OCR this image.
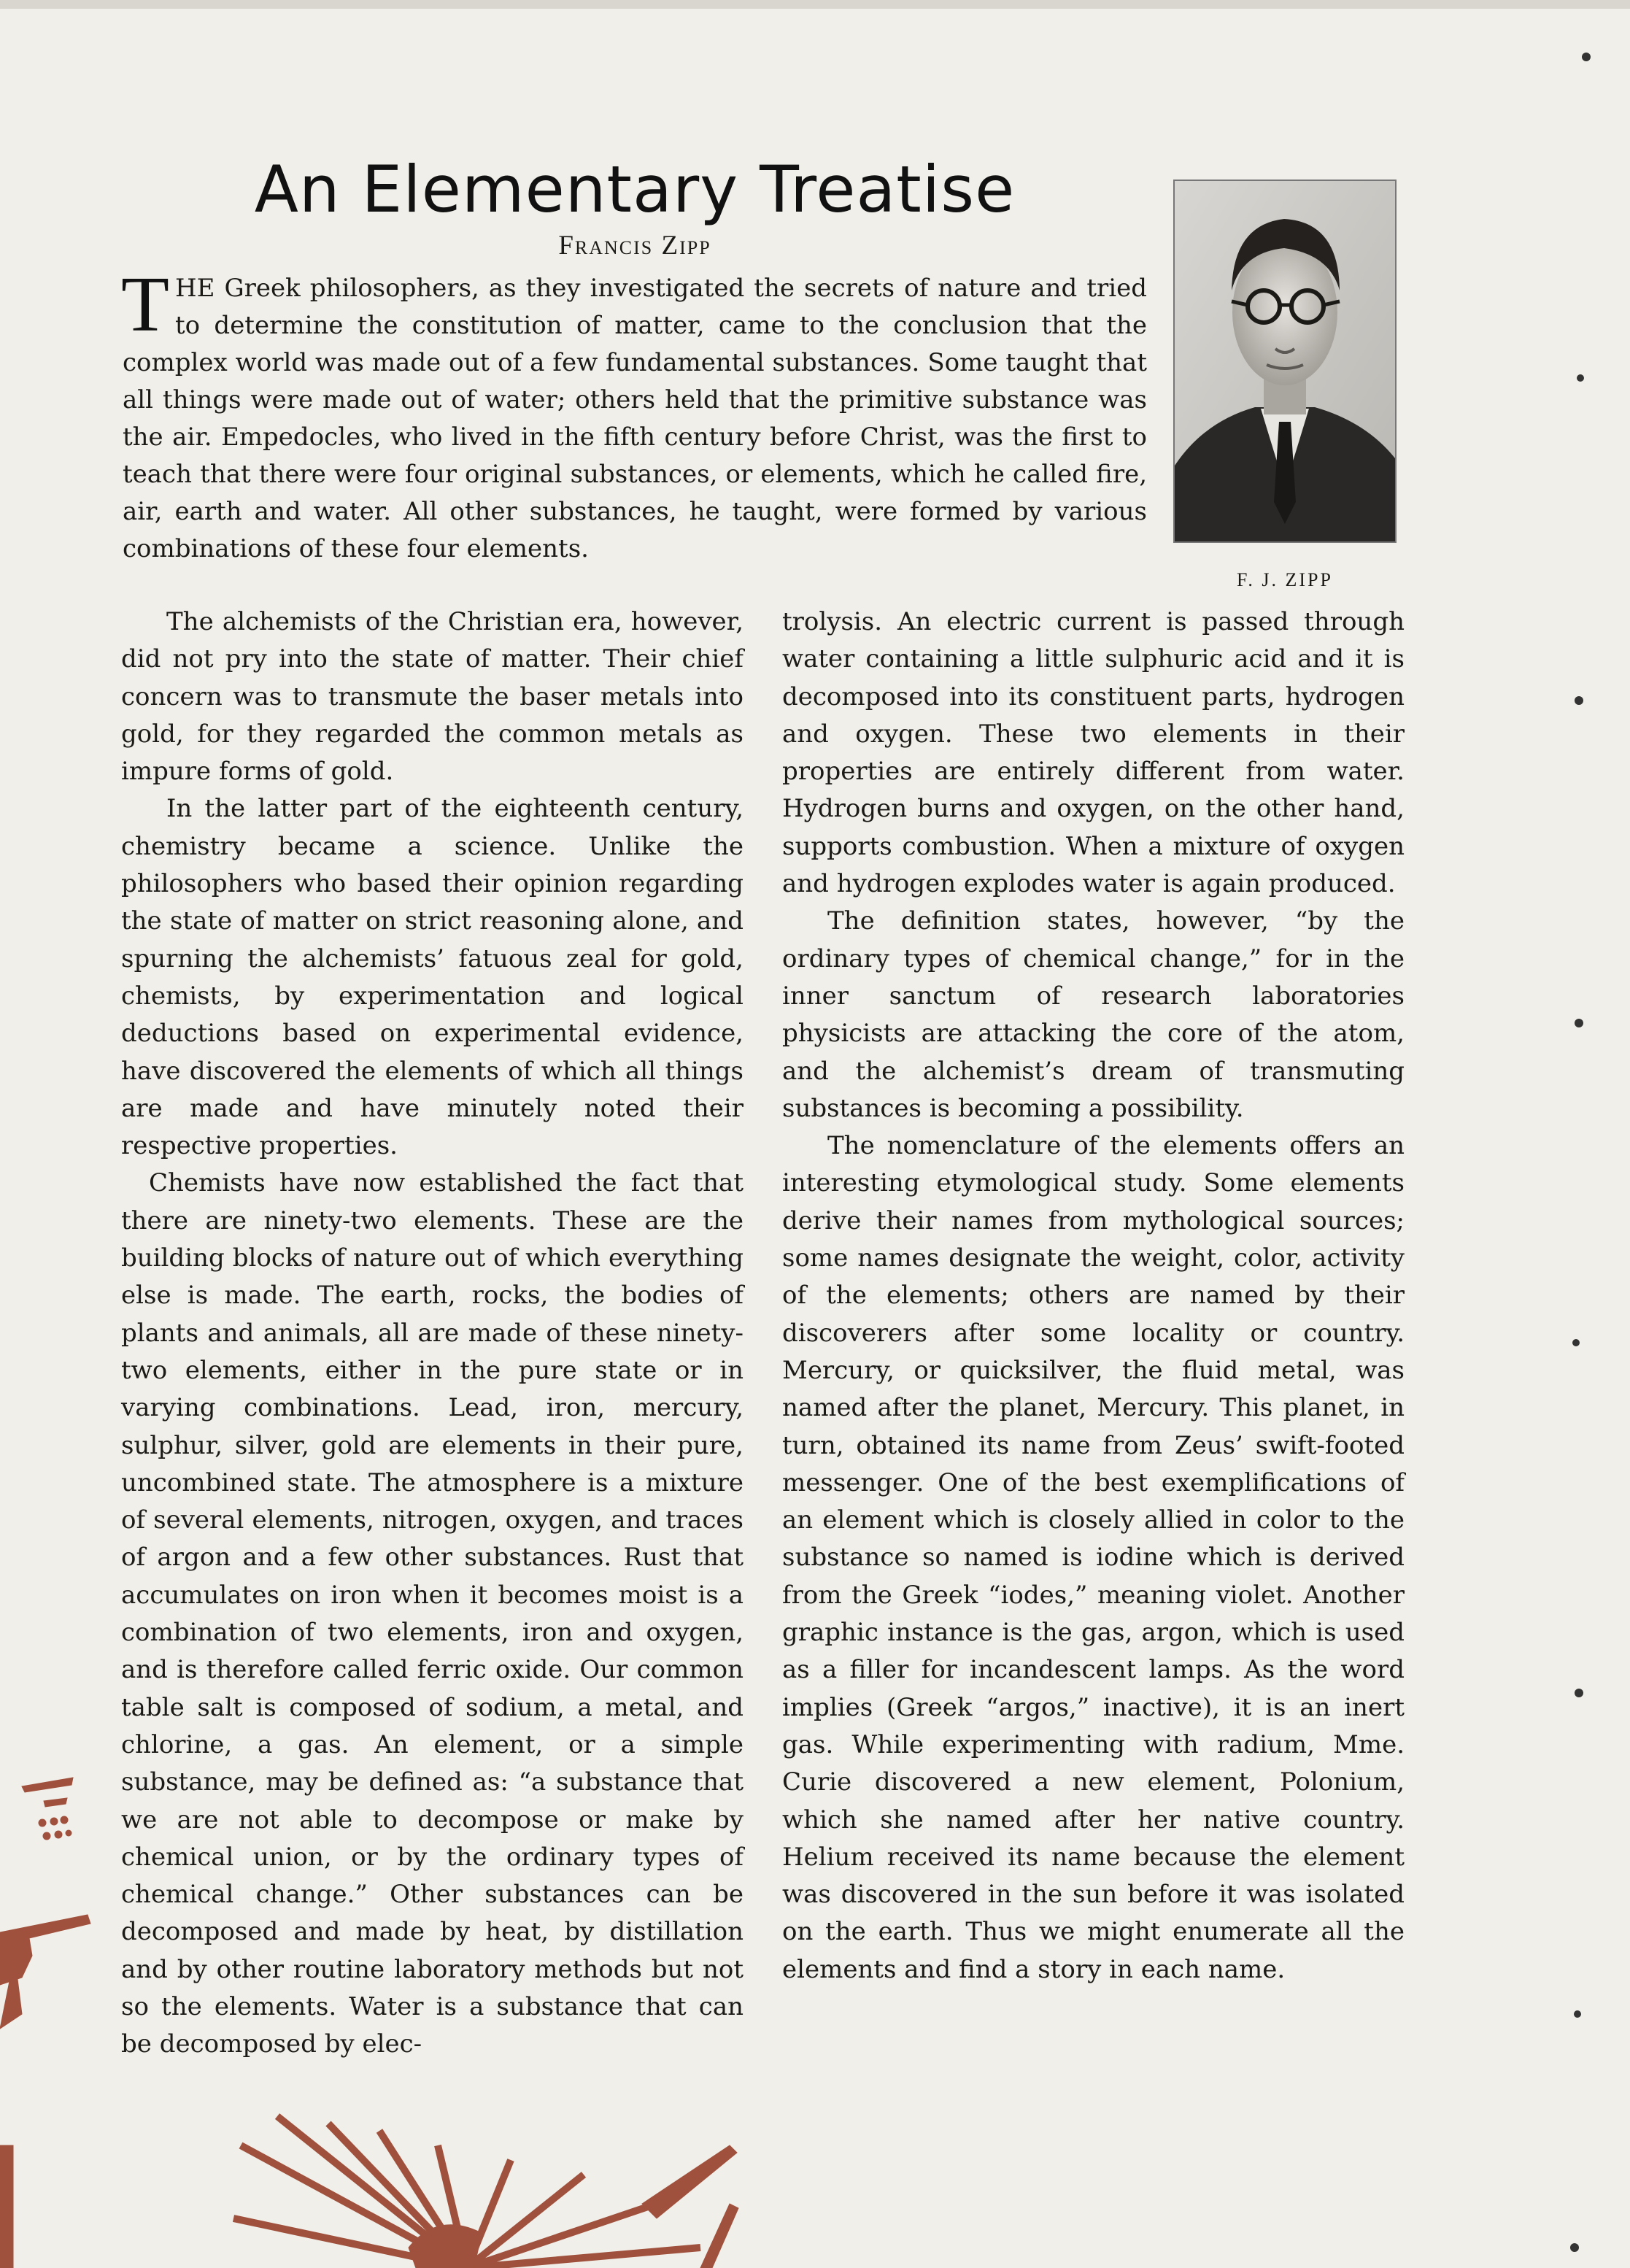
An Elementary Treatise
Francis Zipp
THE Greek philosophers, as they investigated the secrets of nature and tried to determine the constitution of matter, came to the conclusion that the complex world was made out of a few fundamental substances. Some taught that all things were made out of water; others held that the primitive substance was the air. Empedocles, who lived in the fifth century before Christ, was the first to teach that there were four original substances, or elements, which he called fire, air, earth and water. All other substances, he taught, were formed by various combinations of these four elements.
F. J. ZIPP

The alchemists of the Christian era, however, did not pry into the state of matter. Their chief concern was to transmute the baser metals into gold, for they regarded the common metals as impure forms of gold.

In the latter part of the eighteenth century, chemistry became a science. Unlike the philosophers who based their opinion regarding the state of matter on strict reasoning alone, and spurning the alchemists’ fatuous zeal for gold, chemists, by experimentation and logical deductions based on experimental evidence, have discovered the elements of which all things are made and have minutely noted their respective properties.

Chemists have now established the fact that there are ninety-two elements. These are the building blocks of nature out of which everything else is made. The earth, rocks, the bodies of plants and animals, all are made of these ninety-two elements, either in the pure state or in varying combinations. Lead, iron, mercury, sulphur, silver, gold are elements in their pure, uncombined state. The atmosphere is a mixture of several elements, nitrogen, oxygen, and traces of argon and a few other substances. Rust that accumulates on iron when it becomes moist is a combination of two elements, iron and oxygen, and is therefore called ferric oxide. Our common table salt is composed of sodium, a metal, and chlorine, a gas. An element, or a simple substance, may be defined as: “a substance that we are not able to decompose or make by chemical union, or by the ordinary types of chemical change.” Other substances can be decomposed and made by heat, by distillation and by other routine laboratory methods but not so the elements. Water is a substance that can be decomposed by elec-

trolysis. An electric current is passed through water containing a little sulphuric acid and it is decomposed into its constituent parts, hydrogen and oxygen. These two elements in their properties are entirely different from water. Hydrogen burns and oxygen, on the other hand, supports combustion. When a mixture of oxygen and hydrogen explodes water is again produced.

The definition states, however, “by the ordinary types of chemical change,” for in the inner sanctum of research laboratories physicists are attacking the core of the atom, and the alchemist’s dream of transmuting substances is becoming a possibility.

The nomenclature of the elements offers an interesting etymological study. Some elements derive their names from mythological sources; some names designate the weight, color, activity of the elements; others are named by their discoverers after some locality or country. Mercury, or quicksilver, the fluid metal, was named after the planet, Mercury. This planet, in turn, obtained its name from Zeus’ swift-footed messenger. One of the best exemplifications of an element which is closely allied in color to the substance so named is iodine which is derived from the Greek “iodes,” meaning violet. Another graphic instance is the gas, argon, which is used as a filler for incandescent lamps. As the word implies (Greek “argos,” inactive), it is an inert gas. While experimenting with radium, Mme. Curie discovered a new element, Polonium, which she named after her native country. Helium received its name because the element was discovered in the sun before it was isolated on the earth. Thus we might enumerate all the elements and find a story in each name.
